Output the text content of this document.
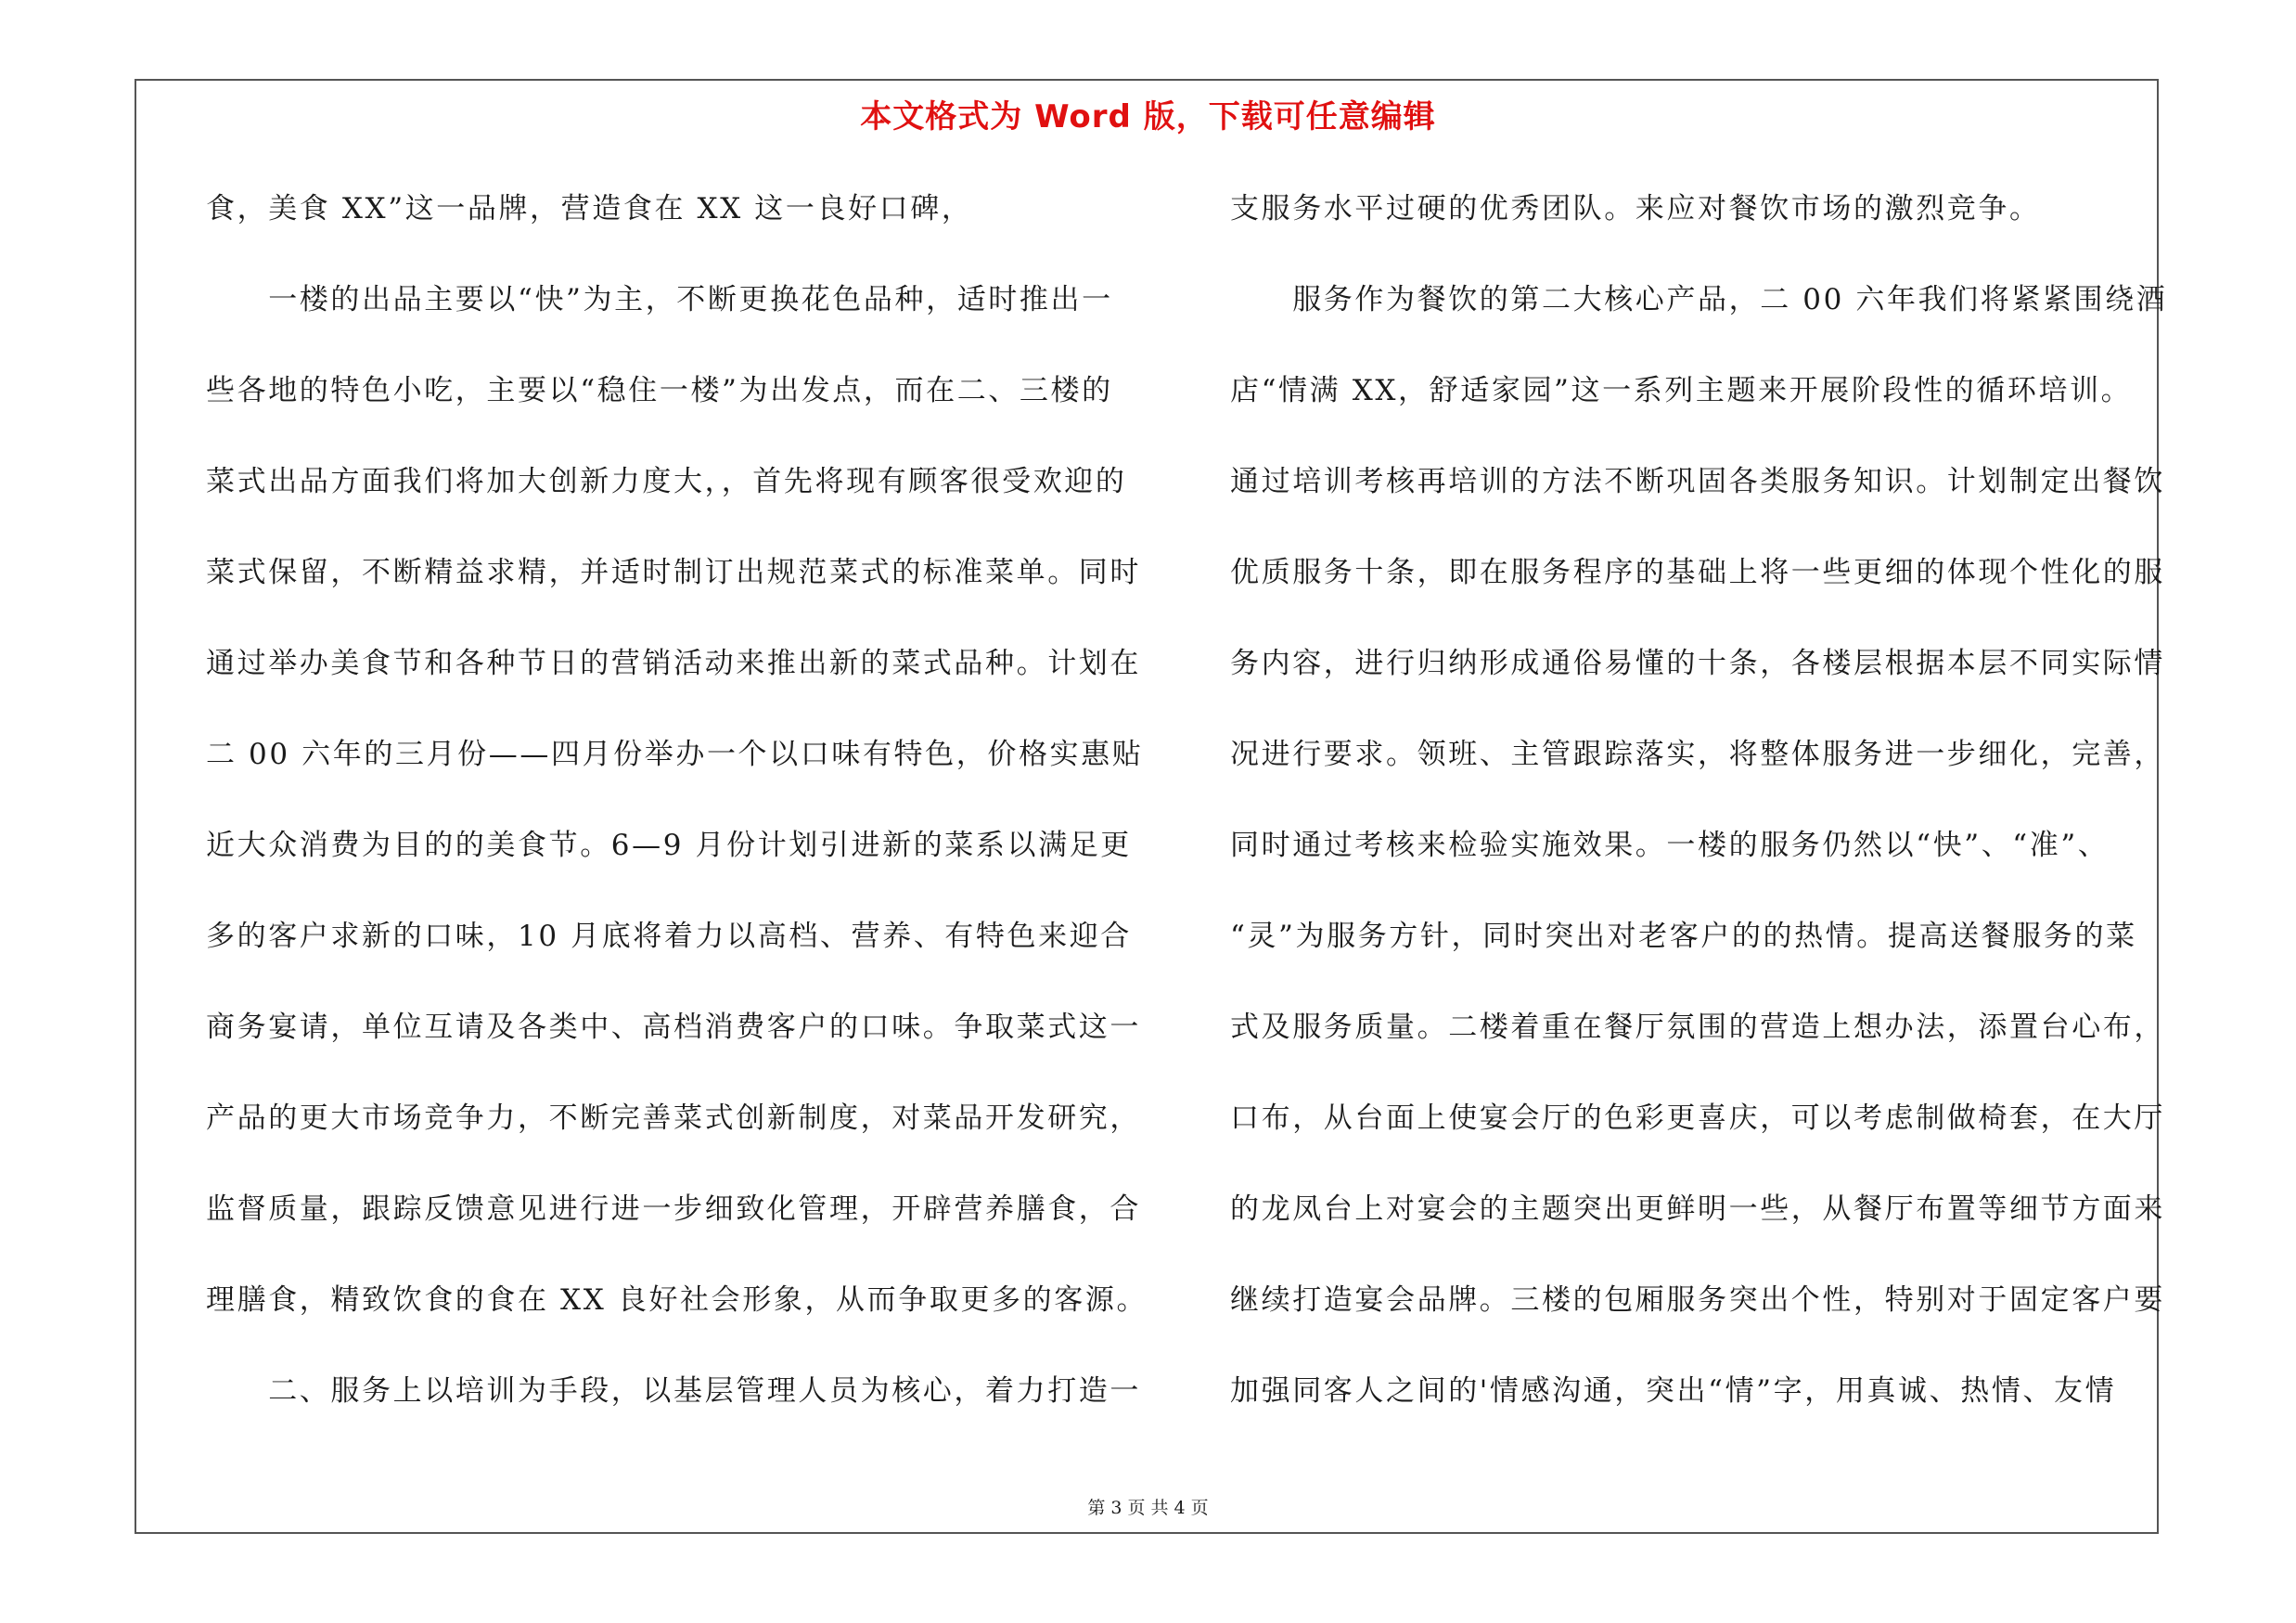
本文格式为 Word 版，下载可任意编辑
食，美食 XX”这一品牌，营造食在 XX 这一良好口碑，
　　一楼的出品主要以“快”为主，不断更换花色品种，适时推出一
些各地的特色小吃，主要以“稳住一楼”为出发点，而在二、三楼的
菜式出品方面我们将加大创新力度大，，首先将现有顾客很受欢迎的
菜式保留，不断精益求精，并适时制订出规范菜式的标准菜单。同时
通过举办美食节和各种节日的营销活动来推出新的菜式品种。计划在
二 00 六年的三月份——四月份举办一个以口味有特色，价格实惠贴
近大众消费为目的的美食节。6—9 月份计划引进新的菜系以满足更
多的客户求新的口味，10 月底将着力以高档、营养、有特色来迎合
商务宴请，单位互请及各类中、高档消费客户的口味。争取菜式这一
产品的更大市场竞争力，不断完善菜式创新制度，对菜品开发研究，
监督质量，跟踪反馈意见进行进一步细致化管理，开辟营养膳食，合
理膳食，精致饮食的食在 XX 良好社会形象，从而争取更多的客源。
　　二、服务上以培训为手段，以基层管理人员为核心，着力打造一
支服务水平过硬的优秀团队。来应对餐饮市场的激烈竞争。
　　服务作为餐饮的第二大核心产品，二 00 六年我们将紧紧围绕酒
店“情满 XX，舒适家园”这一系列主题来开展阶段性的循环培训。
通过培训考核再培训的方法不断巩固各类服务知识。计划制定出餐饮
优质服务十条，即在服务程序的基础上将一些更细的体现个性化的服
务内容，进行归纳形成通俗易懂的十条，各楼层根据本层不同实际情
况进行要求。领班、主管跟踪落实，将整体服务进一步细化，完善，
同时通过考核来检验实施效果。一楼的服务仍然以“快”、“准”、
“灵”为服务方针，同时突出对老客户的的热情。提高送餐服务的菜
式及服务质量。二楼着重在餐厅氛围的营造上想办法，添置台心布，
口布，从台面上使宴会厅的色彩更喜庆，可以考虑制做椅套，在大厅
的龙凤台上对宴会的主题突出更鲜明一些，从餐厅布置等细节方面来
继续打造宴会品牌。三楼的包厢服务突出个性，特别对于固定客户要
加强同客人之间的'情感沟通，突出“情”字，用真诚、热情、友情
第 3 页 共 4 页
